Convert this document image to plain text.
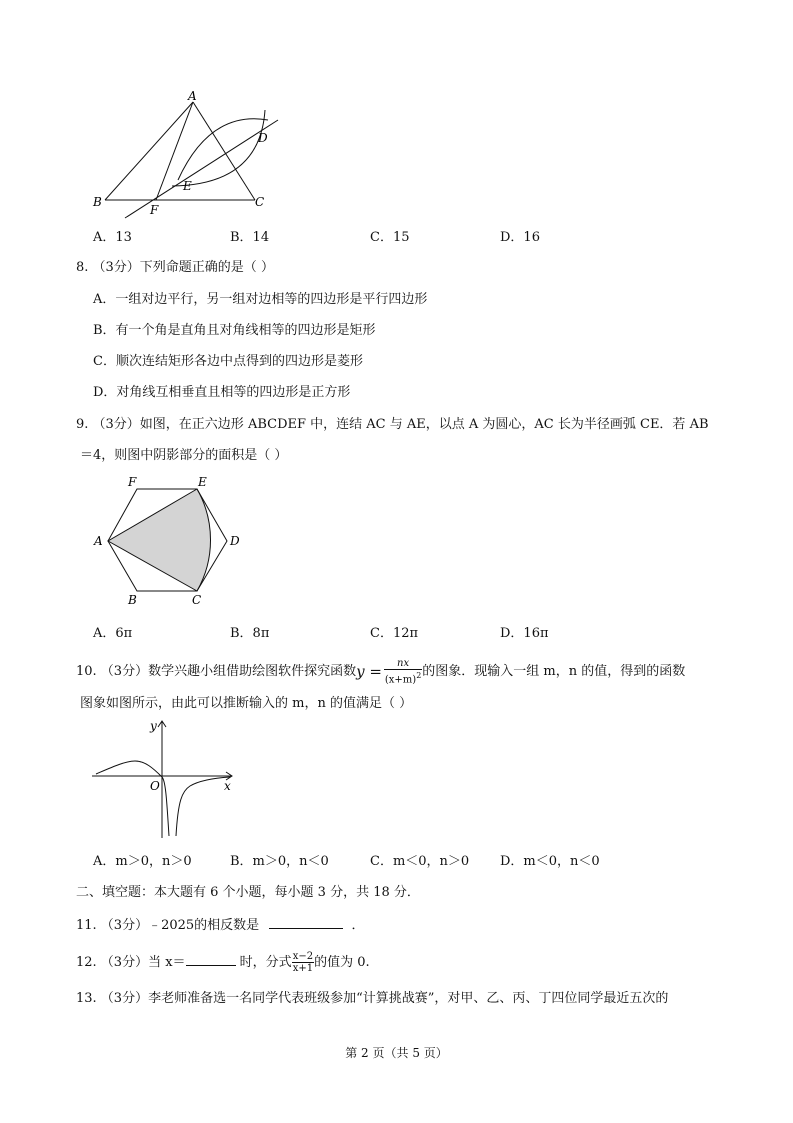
A
B	C
D
E
F
A．13	B．14	C．15	D．16
8. （3分）下列命题正确的是（ ）
A．一组对边平行，另一组对边相等的四边形是平行四边形
B．有一个角是直角且对角线相等的四边形是矩形
C．顺次连结矩形各边中点得到的四边形是菱形
D．对角线互相垂直且相等的四边形是正方形
9. （3分）如图，在正六边形 ABCDEF 中，连结 AC 与 AE，以点 A 为圆心，AC 长为半径画弧 CE．若 AB
＝4，则图中阴影部分的面积是（ ）
F	E
A	D
B	C
A．6π	B．8π	C．12π	D．16π
10. （3分）数学兴趣小组借助绘图软件探究函数$y = \frac{nx}{(x+m)^2}$ 的图象．现输入一组 m，n 的值，得到的函数
图象如图所示，由此可以推断输入的 m，n 的值满足（ ）
y
x
O
A．m＞0，n＞0	B．m＞0，n＜0	C．m＜0，n＞0 D．m＜0，n＜0
二、填空题：本大题有 6 个小题，每小题 3 分，共 18 分．
11. （3分）﹣2025的相反数是	．
12. （3分）当 x＝	时，分式 $\frac{x-2}{x+1}$ 的值为 0.
13. （3分）李老师准备选一名同学代表班级参加“计算挑战赛”，对甲、乙、丙、丁四位同学最近五次的
第 2 页（共 5 页）
